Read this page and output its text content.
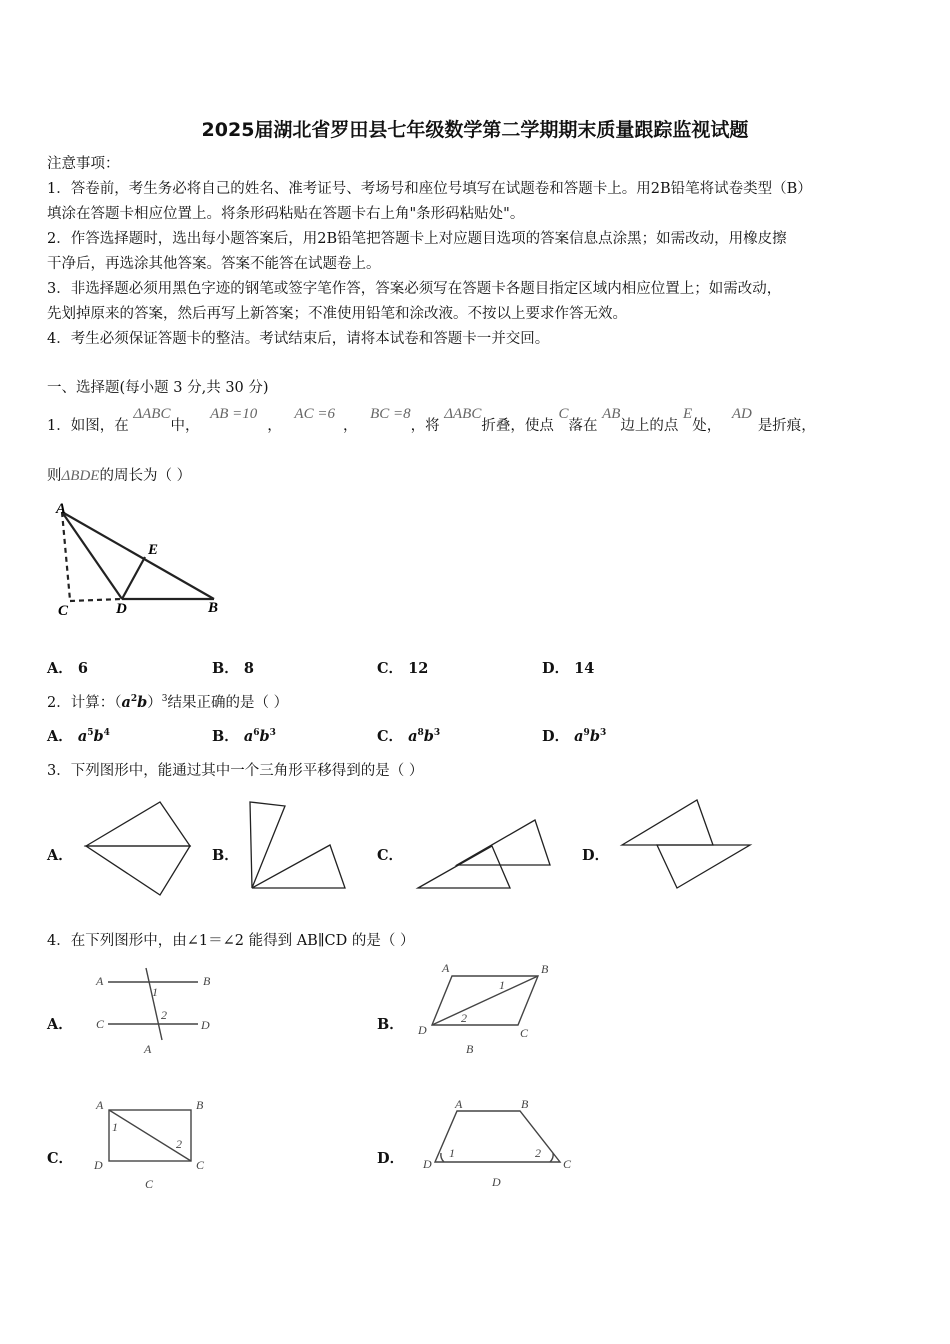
2025届湖北省罗田县七年级数学第二学期期末质量跟踪监视试题
注意事项：
1．答卷前，考生务必将自己的姓名、准考证号、考场号和座位号填写在试题卷和答题卡上。用2B铅笔将试卷类型（B）
填涂在答题卡相应位置上。将条形码粘贴在答题卡右上角"条形码粘贴处"。
2．作答选择题时，选出每小题答案后，用2B铅笔把答题卡上对应题目选项的答案信息点涂黑；如需改动，用橡皮擦
干净后，再选涂其他答案。答案不能答在试题卷上。
3．非选择题必须用黑色字迹的钢笔或签字笔作答，答案必须写在答题卡各题目指定区域内相应位置上；如需改动，
先划掉原来的答案，然后再写上新答案；不准使用铅笔和涂改液。不按以上要求作答无效。
4．考生必须保证答题卡的整洁。考试结束后，请将本试卷和答题卡一并交回。
一、选择题(每小题 3 分,共 30 分)
1．如图，在 ΔABC中， AB =10， AC =6， BC =8，将 ΔABC折叠，使点 C落在 AB边上的点 E处， AD是折痕，
则ΔBDE的周长为（ ）
A
E
C	D	B
A． 6	B． 8	C． 12	D． 14
2．计算：$(a^2b)^3$结果正确的是（ ）
A． $a^5b^4$	B． $a^6b^3$	C． $a^8b^3$	D． $a^9b^3$
3．下列图形中，能通过其中一个三角形平移得到的是（ ）
A．	B．	C．	D．
4．在下列图形中，由∠1＝∠2 能得到 AB∥CD 的是（ ）
A．	B．
C．	D．
A	B
C	D
1
2
A
A	B
C
D
1
2
B
A	B
C
D
1
2
C
A	B
C
D
1	2
D
